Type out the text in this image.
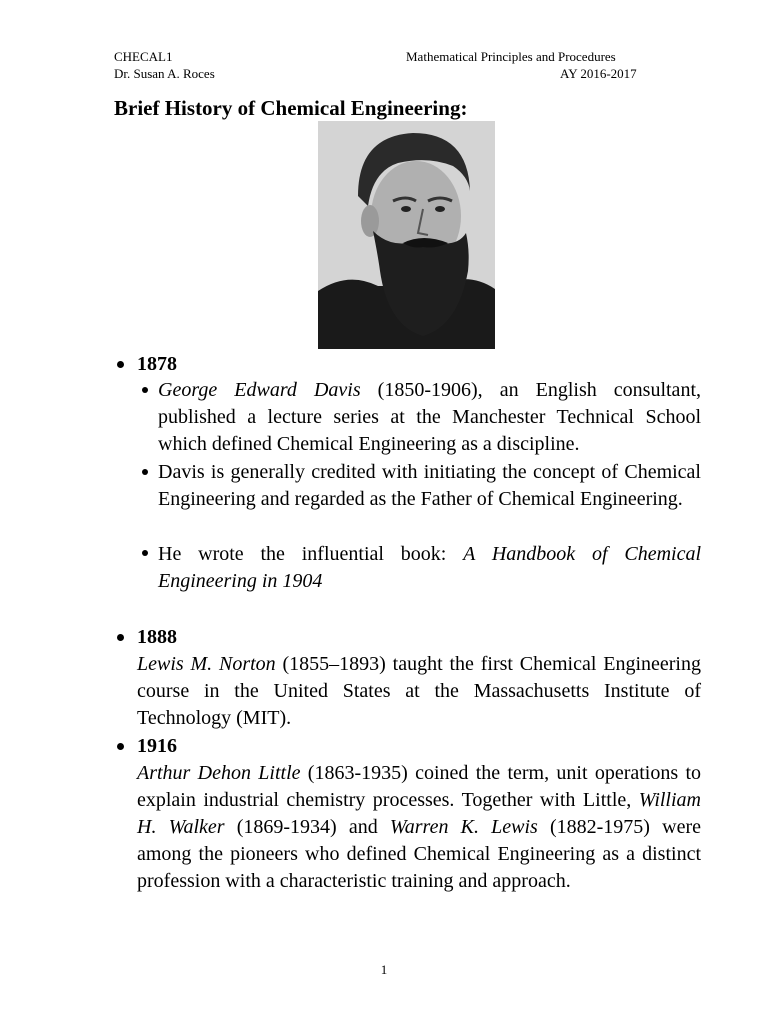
CHECAL1	Mathematical Principles and Procedures
Dr. Susan A. Roces	AY 2016-2017
Brief History of Chemical Engineering:
1878
George Edward Davis (1850-1906), an English consultant, published a lecture series at the Manchester Technical School which defined Chemical Engineering as a discipline.
Davis is generally credited with initiating the concept of Chemical Engineering and regarded as the Father of Chemical Engineering.
He wrote the influential book: A Handbook of Chemical Engineering in 1904
1888
Lewis M. Norton (1855–1893) taught the first Chemical Engineering course in the United States at the Massachusetts Institute of Technology (MIT).
1916
Arthur Dehon Little (1863-1935) coined the term, unit operations to explain industrial chemistry processes. Together with Little, William H. Walker (1869-1934) and Warren K. Lewis (1882-1975) were among the pioneers who defined Chemical Engineering as a distinct profession with a characteristic training and approach.
1
